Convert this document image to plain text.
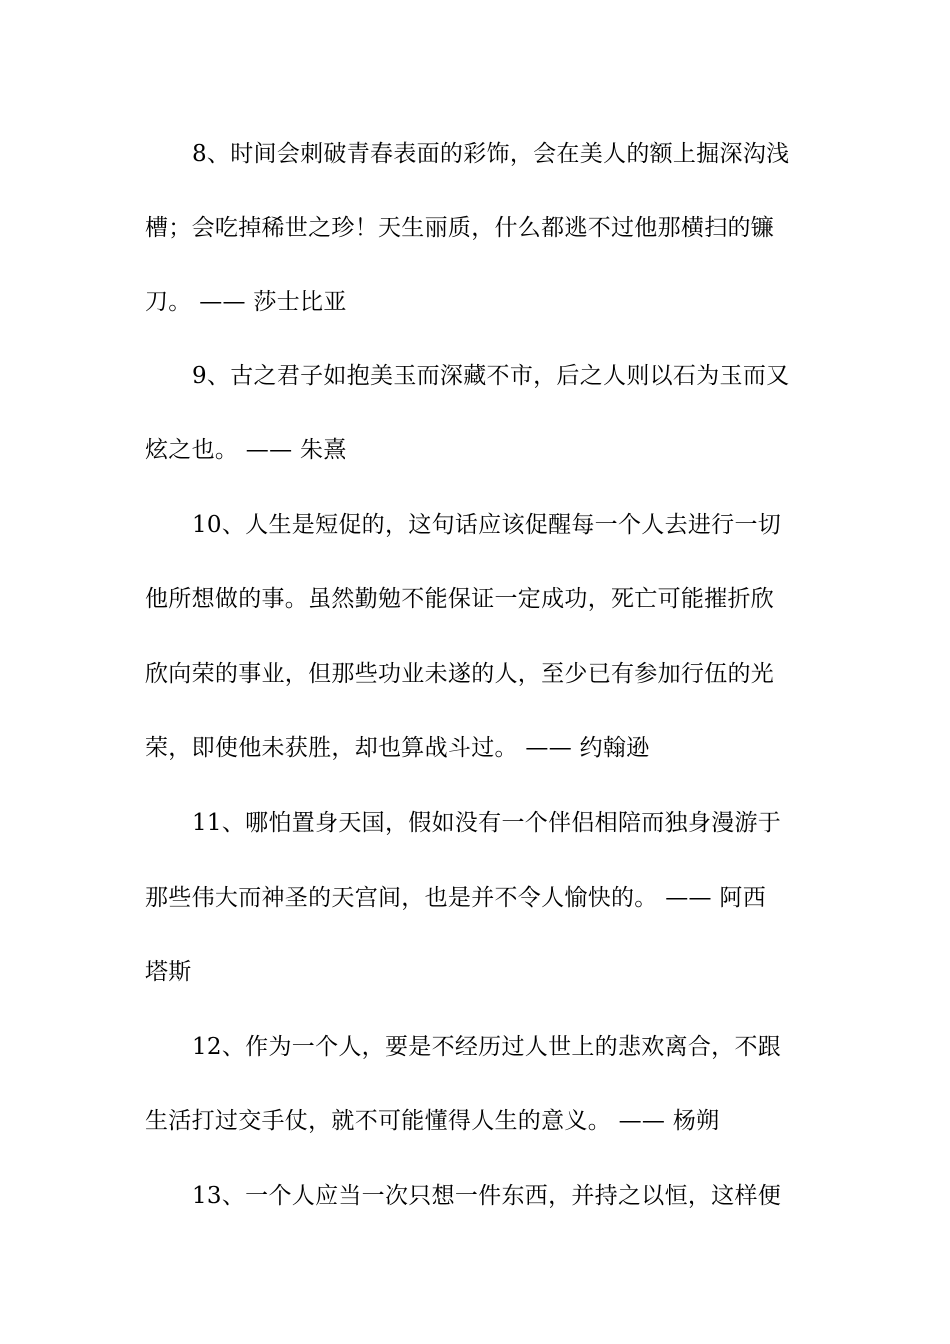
8、时间会刺破青春表面的彩饰，会在美人的额上掘深沟浅
槽；会吃掉稀世之珍！天生丽质，什么都逃不过他那横扫的镰
刀。 —— 莎士比亚
9、古之君子如抱美玉而深藏不市，后之人则以石为玉而又
炫之也。 —— 朱熹
10、人生是短促的，这句话应该促醒每一个人去进行一切
他所想做的事。虽然勤勉不能保证一定成功，死亡可能摧折欣
欣向荣的事业，但那些功业未遂的人，至少已有参加行伍的光
荣，即使他未获胜，却也算战斗过。 —— 约翰逊
11、哪怕置身天国，假如没有一个伴侣相陪而独身漫游于
那些伟大而神圣的天宫间，也是并不令人愉快的。 —— 阿西
塔斯
12、作为一个人，要是不经历过人世上的悲欢离合，不跟
生活打过交手仗，就不可能懂得人生的意义。 —— 杨朔
13、一个人应当一次只想一件东西，并持之以恒，这样便
